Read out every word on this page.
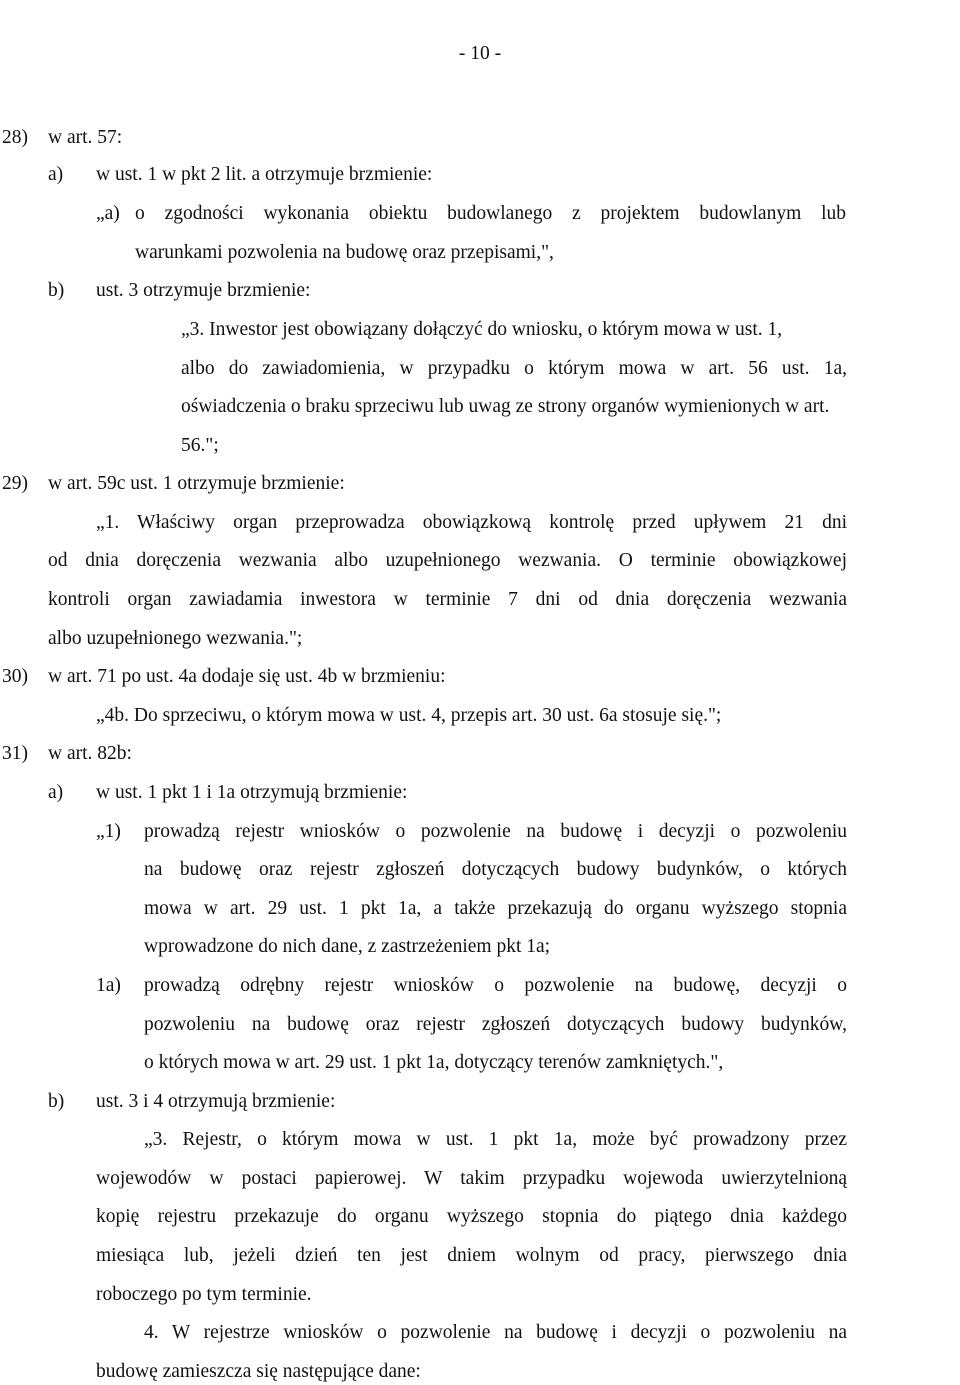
- 10 -
28) w art. 57:
a) w ust. 1 w pkt 2 lit. a otrzymuje brzmienie:
„a) o zgodności wykonania obiektu budowlanego z projektem budowlanym lub
warunkami pozwolenia na budowę oraz przepisami,",
b) ust. 3 otrzymuje brzmienie:
„3. Inwestor jest obowiązany dołączyć do wniosku, o którym mowa w ust. 1,
albo do zawiadomienia, w przypadku o którym mowa w art. 56 ust. 1a,
oświadczenia o braku sprzeciwu lub uwag ze strony organów wymienionych w art.
56.";
29) w art. 59c ust. 1 otrzymuje brzmienie:
„1. Właściwy organ przeprowadza obowiązkową kontrolę przed upływem 21 dni
od dnia doręczenia wezwania albo uzupełnionego wezwania. O terminie obowiązkowej
kontroli organ zawiadamia inwestora w terminie 7 dni od dnia doręczenia wezwania
albo uzupełnionego wezwania.";
30) w art. 71 po ust. 4a dodaje się ust. 4b w brzmieniu:
„4b. Do sprzeciwu, o którym mowa w ust. 4, przepis art. 30 ust. 6a stosuje się.";
31) w art. 82b:
a) w ust. 1 pkt 1 i 1a otrzymują brzmienie:
„1) prowadzą rejestr wniosków o pozwolenie na budowę i decyzji o pozwoleniu
na budowę oraz rejestr zgłoszeń dotyczących budowy budynków, o których
mowa w art. 29 ust. 1 pkt 1a, a także przekazują do organu wyższego stopnia
wprowadzone do nich dane, z zastrzeżeniem pkt 1a;
1a) prowadzą odrębny rejestr wniosków o pozwolenie na budowę, decyzji o
pozwoleniu na budowę oraz rejestr zgłoszeń dotyczących budowy budynków,
o których mowa w art. 29 ust. 1 pkt 1a, dotyczący terenów zamkniętych.",
b) ust. 3 i 4 otrzymują brzmienie:
„3. Rejestr, o którym mowa w ust. 1 pkt 1a, może być prowadzony przez
wojewodów w postaci papierowej. W takim przypadku wojewoda uwierzytelnioną
kopię rejestru przekazuje do organu wyższego stopnia do piątego dnia każdego
miesiąca lub, jeżeli dzień ten jest dniem wolnym od pracy, pierwszego dnia
roboczego po tym terminie.
4. W rejestrze wniosków o pozwolenie na budowę i decyzji o pozwoleniu na
budowę zamieszcza się następujące dane:
